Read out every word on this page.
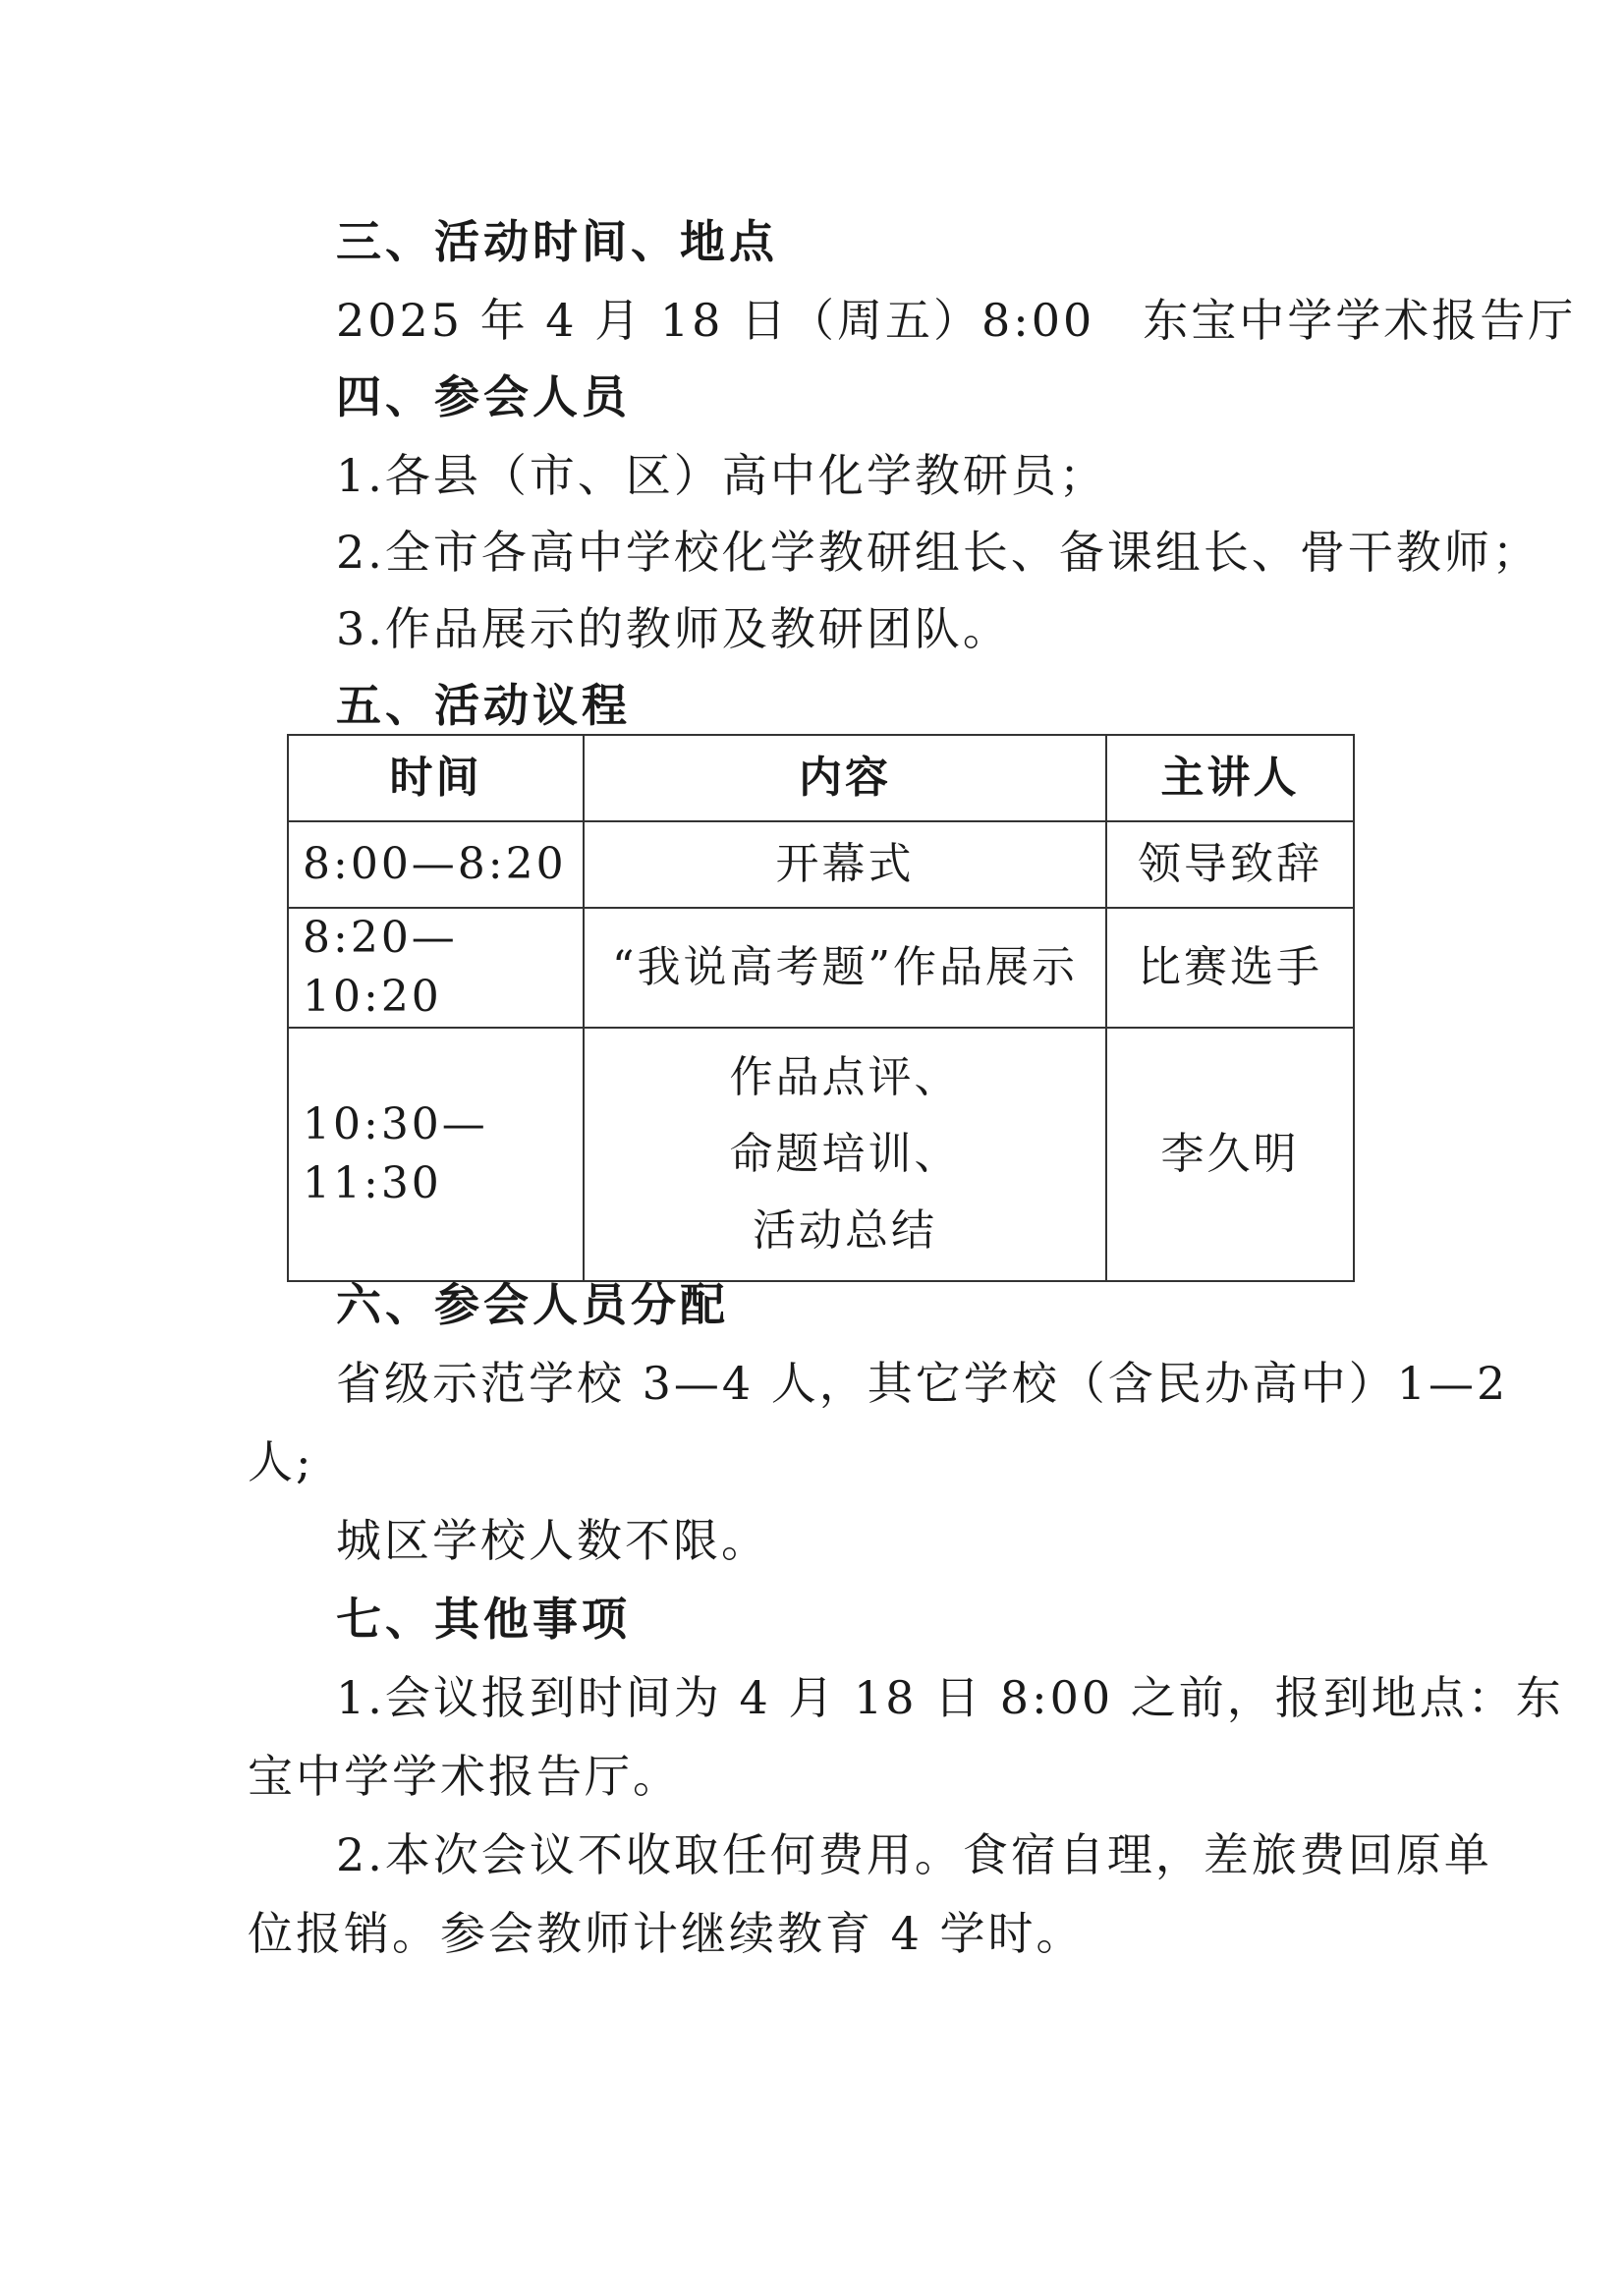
三、活动时间、地点
2025 年 4 月 18 日（周五）8:00　东宝中学学术报告厅
四、参会人员
1.各县（市、区）高中化学教研员；
2.全市各高中学校化学教研组长、备课组长、骨干教师；
3.作品展示的教师及教研团队。
五、活动议程
时间	内容	主讲人
8:00—8:20	开幕式	领导致辞
8:20—10:20	“我说高考题”作品展示	比赛选手
10:30—11:30	作品点评、
命题培训、
活动总结	李久明
六、参会人员分配
省级示范学校 3—4 人，其它学校（含民办高中）1—2
人;
城区学校人数不限。
七、其他事项
1.会议报到时间为 4 月 18 日 8:00 之前，报到地点：东
宝中学学术报告厅。
2.本次会议不收取任何费用。食宿自理，差旅费回原单
位报销。参会教师计继续教育 4 学时。
